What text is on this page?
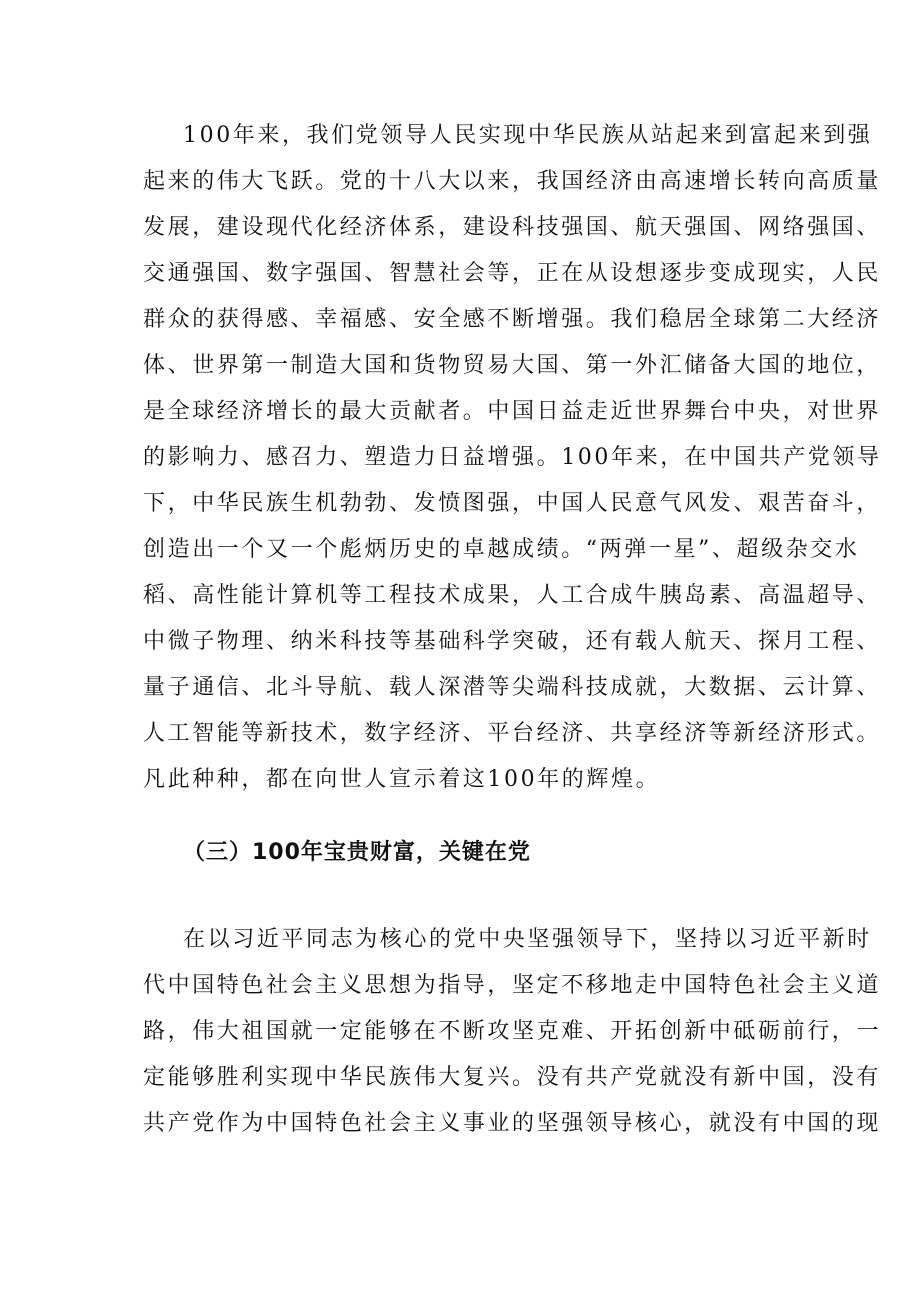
100年来，我们党领导人民实现中华民族从站起来到富起来到强
起来的伟大飞跃。党的十八大以来，我国经济由高速增长转向高质量
发展，建设现代化经济体系，建设科技强国、航天强国、网络强国、
交通强国、数字强国、智慧社会等，正在从设想逐步变成现实，人民
群众的获得感、幸福感、安全感不断增强。我们稳居全球第二大经济
体、世界第一制造大国和货物贸易大国、第一外汇储备大国的地位，
是全球经济增长的最大贡献者。中国日益走近世界舞台中央，对世界
的影响力、感召力、塑造力日益增强。100年来，在中国共产党领导
下，中华民族生机勃勃、发愤图强，中国人民意气风发、艰苦奋斗，
创造出一个又一个彪炳历史的卓越成绩。“两弹一星”、超级杂交水
稻、高性能计算机等工程技术成果，人工合成牛胰岛素、高温超导、
中微子物理、纳米科技等基础科学突破，还有载人航天、探月工程、
量子通信、北斗导航、载人深潜等尖端科技成就，大数据、云计算、
人工智能等新技术，数字经济、平台经济、共享经济等新经济形式。
凡此种种，都在向世人宣示着这100年的辉煌。
（三）100年宝贵财富，关键在党
在以习近平同志为核心的党中央坚强领导下，坚持以习近平新时
代中国特色社会主义思想为指导，坚定不移地走中国特色社会主义道
路，伟大祖国就一定能够在不断攻坚克难、开拓创新中砥砺前行，一
定能够胜利实现中华民族伟大复兴。没有共产党就没有新中国，没有
共产党作为中国特色社会主义事业的坚强领导核心，就没有中国的现
